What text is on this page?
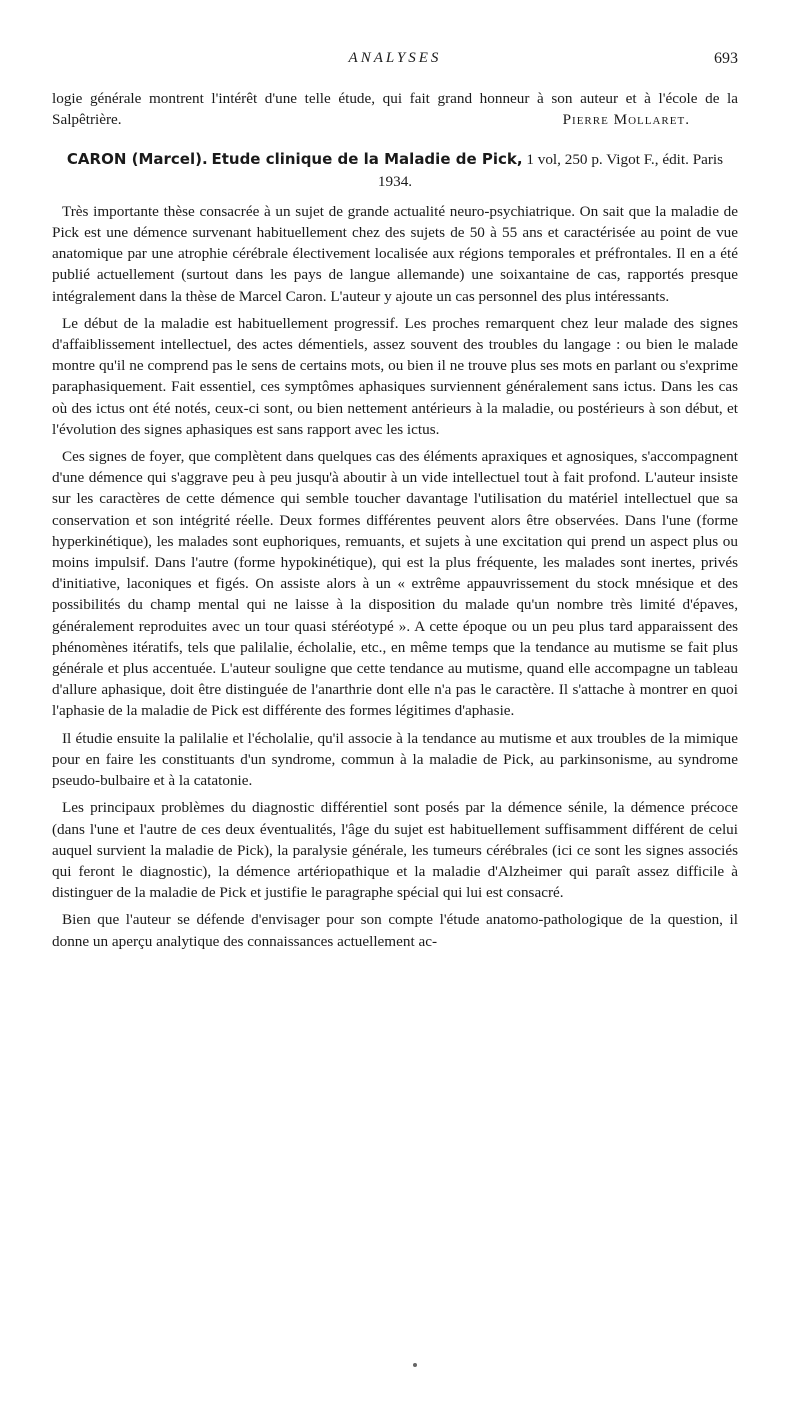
ANALYSES	693

logie générale montrent l'intérêt d'une telle étude, qui fait grand honneur à son auteur et à l'école de la Salpêtrière.	Pierre Mollaret.

CARON (Marcel). Etude clinique de la Maladie de Pick, 1 vol, 250 p. Vigot F., édit. Paris 1934.

Très importante thèse consacrée à un sujet de grande actualité neuro-psychiatrique. On sait que la maladie de Pick est une démence survenant habituellement chez des sujets de 50 à 55 ans et caractérisée au point de vue anatomique par une atrophie cérébrale électivement localisée aux régions temporales et préfrontales. Il en a été publié actuellement (surtout dans les pays de langue allemande) une soixantaine de cas, rapportés presque intégralement dans la thèse de Marcel Caron. L'auteur y ajoute un cas personnel des plus intéressants.

Le début de la maladie est habituellement progressif. Les proches remarquent chez leur malade des signes d'affaiblissement intellectuel, des actes démentiels, assez souvent des troubles du langage : ou bien le malade montre qu'il ne comprend pas le sens de certains mots, ou bien il ne trouve plus ses mots en parlant ou s'exprime paraphasiquement. Fait essentiel, ces symptômes aphasiques surviennent généralement sans ictus. Dans les cas où des ictus ont été notés, ceux-ci sont, ou bien nettement antérieurs à la maladie, ou postérieurs à son début, et l'évolution des signes aphasiques est sans rapport avec les ictus.

Ces signes de foyer, que complètent dans quelques cas des éléments apraxiques et agnosiques, s'accompagnent d'une démence qui s'aggrave peu à peu jusqu'à aboutir à un vide intellectuel tout à fait profond. L'auteur insiste sur les caractères de cette démence qui semble toucher davantage l'utilisation du matériel intellectuel que sa conservation et son intégrité réelle. Deux formes différentes peuvent alors être observées. Dans l'une (forme hyperkinétique), les malades sont euphoriques, remuants, et sujets à une excitation qui prend un aspect plus ou moins impulsif. Dans l'autre (forme hypokinétique), qui est la plus fréquente, les malades sont inertes, privés d'initiative, laconiques et figés. On assiste alors à un « extrême appauvrissement du stock mnésique et des possibilités du champ mental qui ne laisse à la disposition du malade qu'un nombre très limité d'épaves, généralement reproduites avec un tour quasi stéréotypé ». A cette époque ou un peu plus tard apparaissent des phénomènes itératifs, tels que palilalie, écholalie, etc., en même temps que la tendance au mutisme se fait plus générale et plus accentuée. L'auteur souligne que cette tendance au mutisme, quand elle accompagne un tableau d'allure aphasique, doit être distinguée de l'anarthrie dont elle n'a pas le caractère. Il s'attache à montrer en quoi l'aphasie de la maladie de Pick est différente des formes légitimes d'aphasie.

Il étudie ensuite la palilalie et l'écholalie, qu'il associe à la tendance au mutisme et aux troubles de la mimique pour en faire les constituants d'un syndrome, commun à la maladie de Pick, au parkinsonisme, au syndrome pseudo-bulbaire et à la catatonie.

Les principaux problèmes du diagnostic différentiel sont posés par la démence sénile, la démence précoce (dans l'une et l'autre de ces deux éventualités, l'âge du sujet est habituellement suffisamment différent de celui auquel survient la maladie de Pick), la paralysie générale, les tumeurs cérébrales (ici ce sont les signes associés qui feront le diagnostic), la démence artériopathique et la maladie d'Alzheimer qui paraît assez difficile à distinguer de la maladie de Pick et justifie le paragraphe spécial qui lui est consacré.

Bien que l'auteur se défende d'envisager pour son compte l'étude anatomo-pathologique de la question, il donne un aperçu analytique des connaissances actuellement ac-
